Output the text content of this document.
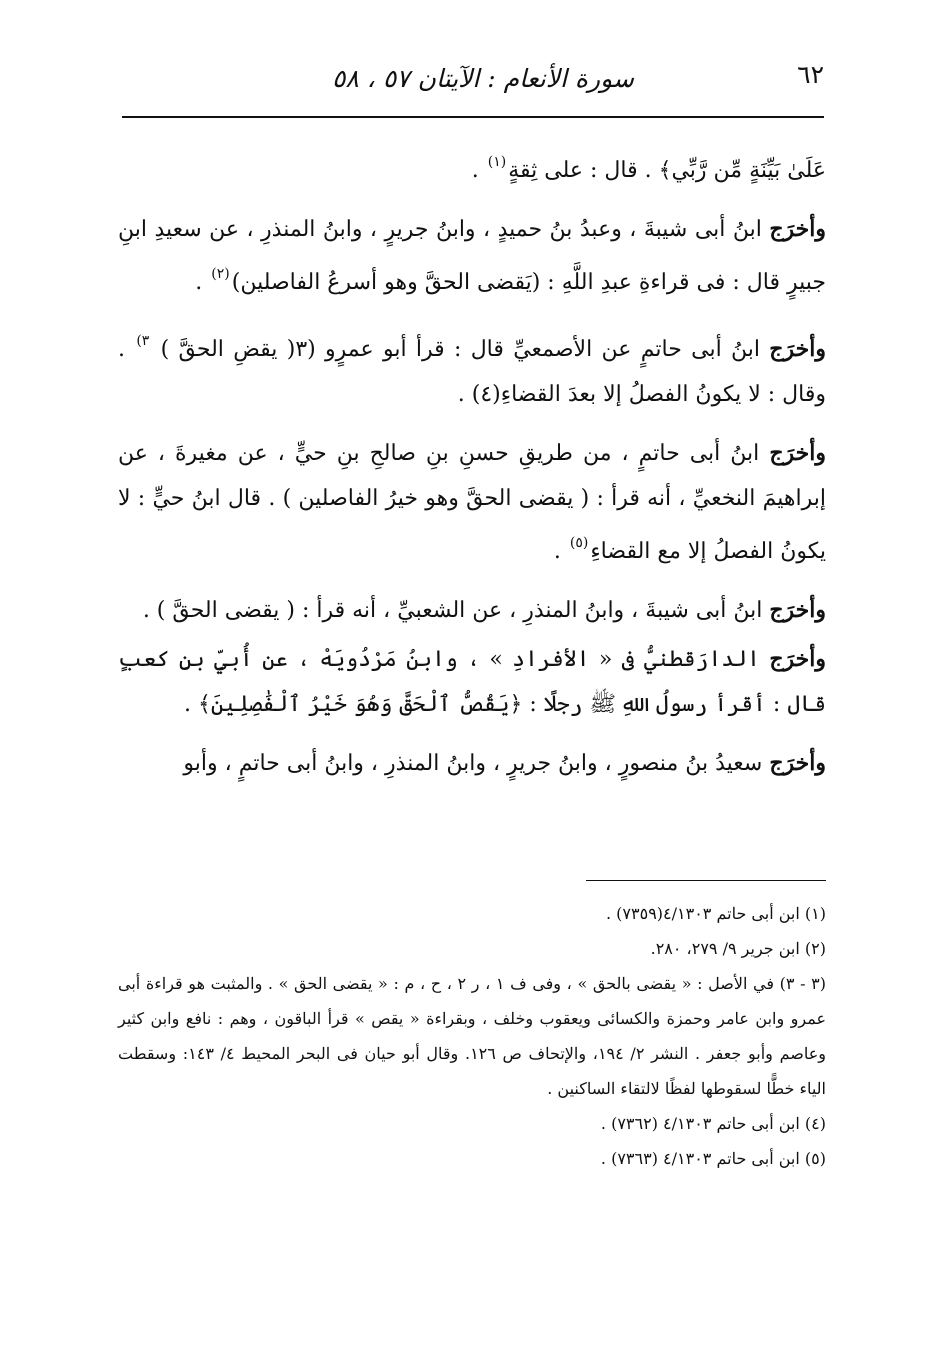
٦٢
سورة الأنعام : الآيتان ٥٧ ، ٥٨

عَلَىٰ بَيِّنَةٍ مِّن رَّبِّي﴾ . قال : على ثِقةٍ$^{(١)}$ .

وأخرَج ابنُ أبى شيبةَ ، وعبدُ بنُ حميدٍ ، وابنُ جريرٍ ، وابنُ المنذرِ ، عن سعيدِ ابنِ جبيرٍ قال : فى قراءةِ عبدِ اللَّهِ : (يَقضى الحقَّ وهو أسرعُ الفاصلين)$^{(٢)}$ .

وأخرَج ابنُ أبى حاتمٍ عن الأصمعيِّ قال : قرأ أبو عمرٍو (٣( يقضِ الحقَّ ) $^{٣)}$ . وقال : لا يكونُ الفصلُ إلا بعدَ القضاءِ(٤) .

وأخرَج ابنُ أبى حاتمٍ ، من طريقِ حسنِ بنِ صالحِ بنِ حيٍّ ، عن مغيرةَ ، عن إبراهيمَ النخعيِّ ، أنه قرأ : ( يقضى الحقَّ وهو خيرُ الفاصلين ) . قال ابنُ حيٍّ : لا يكونُ الفصلُ إلا مع القضاءِ$^{(٥)}$ .

وأخرَج ابنُ أبى شيبةَ ، وابنُ المنذرِ ، عن الشعبيِّ ، أنه قرأ : ( يقضى الحقَّ ) .

وأخرَج الدارَقطنيُّ فى « الأفرادِ » ، وابنُ مَرْدُويَهْ ، عن أُبيِّ بنِ كعبٍ قال : أقرأ رسولُ اللهِ ﷺ رجلًا : ﴿يَقُصُّ ٱلْحَقَّ وَهُوَ خَيْرُ ٱلْفَٰصِلِينَ﴾ .

وأخرَج سعيدُ بنُ منصورٍ ، وابنُ جريرٍ ، وابنُ المنذرِ ، وابنُ أبى حاتمٍ ، وأبو

(١) ابن أبى حاتم ٤/١٣٠٣(٧٣٥٩) .

(٢) ابن جرير ٩/ ٢٧٩، ٢٨٠.

(٣ - ٣) في الأصل : « يقضى بالحق » ، وفى ف ١ ، ر ٢ ، ح ، م : « يقضى الحق » . والمثبت هو قراءة أبى عمرو وابن عامر وحمزة والكسائى ويعقوب وخلف ، وبقراءة « يقص » قرأ الباقون ، وهم : نافع وابن كثير وعاصم وأبو جعفر . النشر ٢/ ١٩٤، والإتحاف ص ١٢٦. وقال أبو حيان فى البحر المحيط ٤/ ١٤٣: وسقطت الياء خطًّا لسقوطها لفظًا لالتقاء الساكنين .

(٤) ابن أبى حاتم ٤/١٣٠٣ (٧٣٦٢) .

(٥) ابن أبى حاتم ٤/١٣٠٣ (٧٣٦٣) .
